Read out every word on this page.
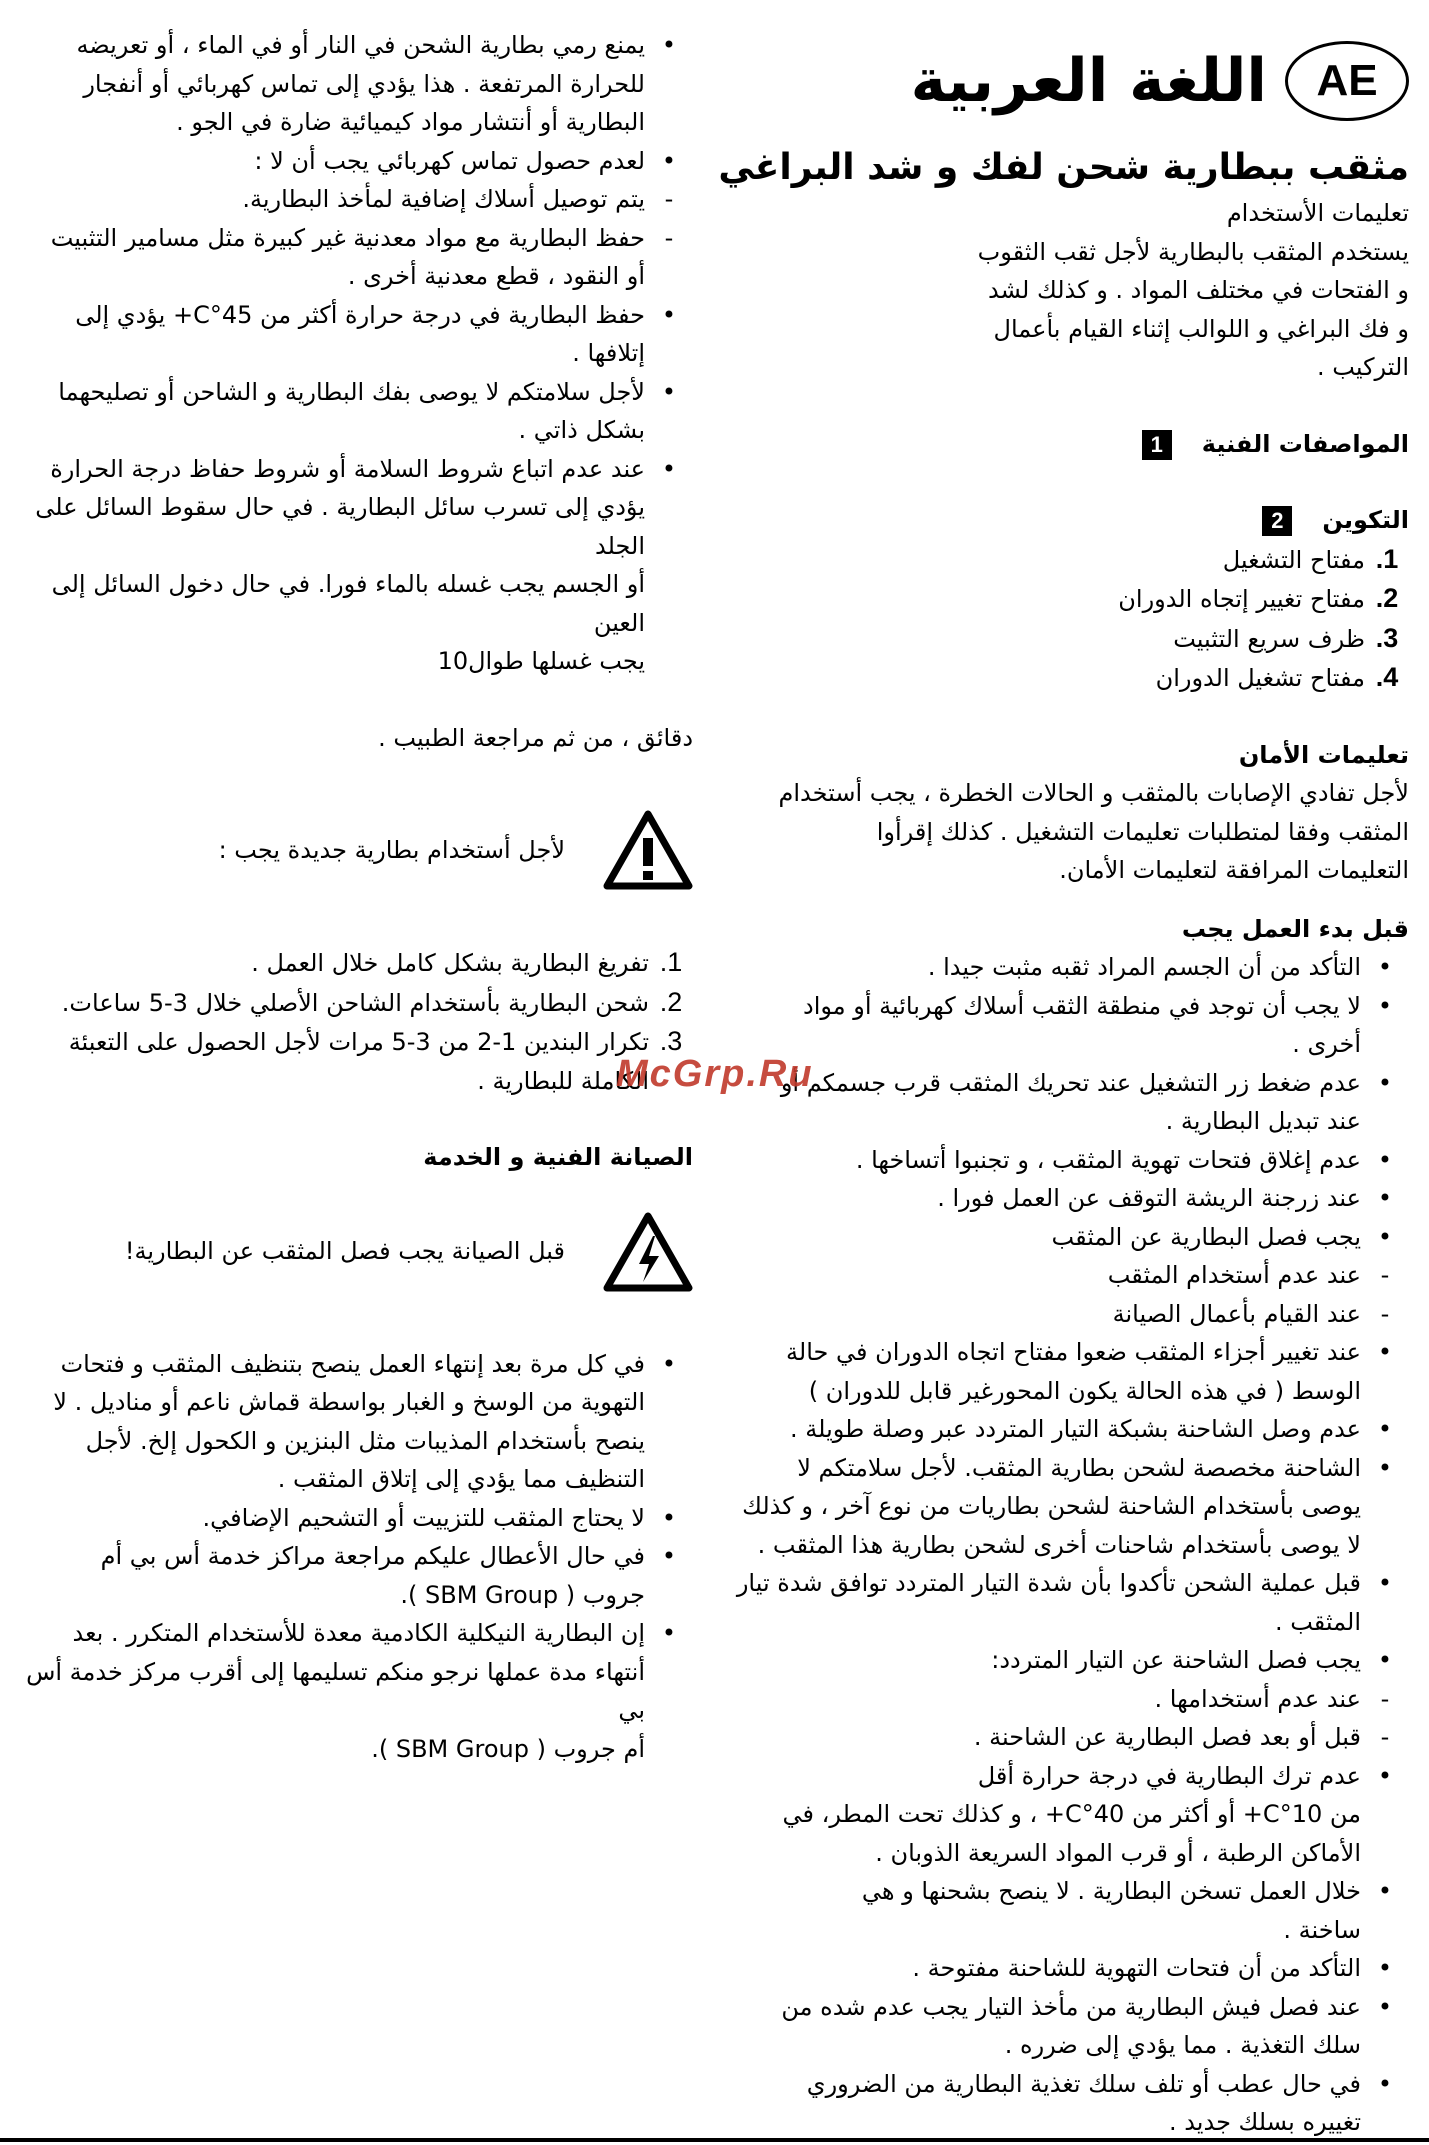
AE
اللغة العربية
مثقب ببطارية شحن لفك و شد البراغي

تعليمات الأستخدام

يستخدم المثقب بالبطارية لأجل ثقب الثقوب

و الفتحات في مختلف المواد . و كذلك لشد

و فك البراغي و اللوالب إثناء القيام بأعمال

التركيب .

المواصفات الفنية1

التكوين2

1.مفتاح التشغيل

2.مفتاح تغيير إتجاه الدوران

3.ظرف سريع التثبيت

4.مفتاح تشغيل الدوران

تعليمات الأمان

لأجل تفادي الإصابات بالمثقب و الحالات الخطرة ، يجب أستخدام

المثقب وفقا لمتطلبات تعليمات التشغيل . كذلك إقرأوا

التعليمات المرافقة لتعليمات الأمان.

قبل بدء العمل يجب

•التأكد من أن الجسم المراد ثقبه مثبت جيدا .

•لا يجب أن توجد في منطقة الثقب أسلاك كهربائية أو مواد
أخرى .

•عدم ضغط زر التشغيل عند تحريك المثقب قرب جسمكم أو
عند تبديل البطارية .

•عدم إغلاق فتحات تهوية المثقب ، و تجنبوا أتساخها .

•عند زرجنة الريشة التوقف عن العمل فورا .

•يجب فصل البطارية عن المثقب

-عند عدم أستخدام المثقب

-عند القيام بأعمال الصيانة

•عند تغيير أجزاء المثقب ضعوا مفتاح اتجاه الدوران في حالة
الوسط ( في هذه الحالة يكون المحورغير قابل للدوران )

•عدم وصل الشاحنة بشبكة التيار المتردد عبر وصلة طويلة .

•الشاحنة مخصصة لشحن بطارية المثقب. لأجل سلامتكم لا
يوصى بأستخدام الشاحنة لشحن بطاريات من نوع آخر ، و كذلك
لا يوصى بأستخدام شاحنات أخرى لشحن بطارية هذا المثقب .

•قبل عملية الشحن تأكدوا بأن شدة التيار المتردد توافق شدة تيار
المثقب .

•يجب فصل الشاحنة عن التيار المتردد:

-عند عدم أستخدامها .

-قبل أو بعد فصل البطارية عن الشاحنة .

•عدم ترك البطارية في درجة حرارة أقل
من 10°C+ أو أكثر من 40°C+ ، و كذلك تحت المطر، في
الأماكن الرطبة ، أو قرب المواد السريعة الذوبان .

•خلال العمل تسخن البطارية . لا ينصح بشحنها و هي
ساخنة .

•التأكد من أن فتحات التهوية للشاحنة مفتوحة .

•عند فصل فيش البطارية من مأخذ التيار يجب عدم شده من
سلك التغذية . مما يؤدي إلى ضرره .

•في حال عطب أو تلف سلك تغذية البطارية من الضروري
تغييره بسلك جديد .

•يمنع رمي بطارية الشحن في النار أو في الماء ، أو تعريضه
للحرارة المرتفعة . هذا يؤدي إلى تماس كهربائي أو أنفجار
البطارية أو أنتشار مواد كيميائية ضارة في الجو .

•لعدم حصول تماس كهربائي يجب أن لا :

-يتم توصيل أسلاك إضافية لمأخذ البطارية.

-حفظ البطارية مع مواد معدنية غير كبيرة مثل مسامير التثبيت
أو النقود ، قطع معدنية أخرى .

•حفظ البطارية في درجة حرارة أكثر من 45°C+ يؤدي إلى
إتلافها .

•لأجل سلامتكم لا يوصى بفك البطارية و الشاحن أو تصليحهما
بشكل ذاتي .

•عند عدم اتباع شروط السلامة أو شروط حفاظ درجة الحرارة
يؤدي إلى تسرب سائل البطارية . في حال سقوط السائل على الجلد
أو الجسم يجب غسله بالماء فورا. في حال دخول السائل إلى العين
يجب غسلها طوال10

دقائق ، من ثم مراجعة الطبيب .

لأجل أستخدام بطارية جديدة يجب :

1.تفريغ البطارية بشكل كامل خلال العمل .

2.شحن البطارية بأستخدام الشاحن الأصلي خلال 3-5 ساعات.

3.تكرار البندين 1-2 من 3-5 مرات لأجل الحصول على التعبئة
الكاملة للبطارية .

الصيانة الفنية و الخدمة

قبل الصيانة يجب فصل المثقب عن البطارية!

•في كل مرة بعد إنتهاء العمل ينصح بتنظيف المثقب و فتحات
التهوية من الوسخ و الغبار بواسطة قماش ناعم أو مناديل . لا
ينصح بأستخدام المذيبات مثل البنزين و الكحول إلخ. لأجل
التنظيف مما يؤدي إلى إتلاق المثقب .

•لا يحتاج المثقب للتزييت أو التشحيم الإضافي.

•في حال الأعطال عليكم مراجعة مراكز خدمة أس بي أم
جروب ( SBM Group ).

•إن البطارية النيكلية الكادمية معدة للأستخدام المتكرر . بعد
أنتهاء مدة عملها نرجو منكم تسليمها إلى أقرب مركز خدمة أس بي
أم جروب ( SBM Group ).

McGrp.Ru
